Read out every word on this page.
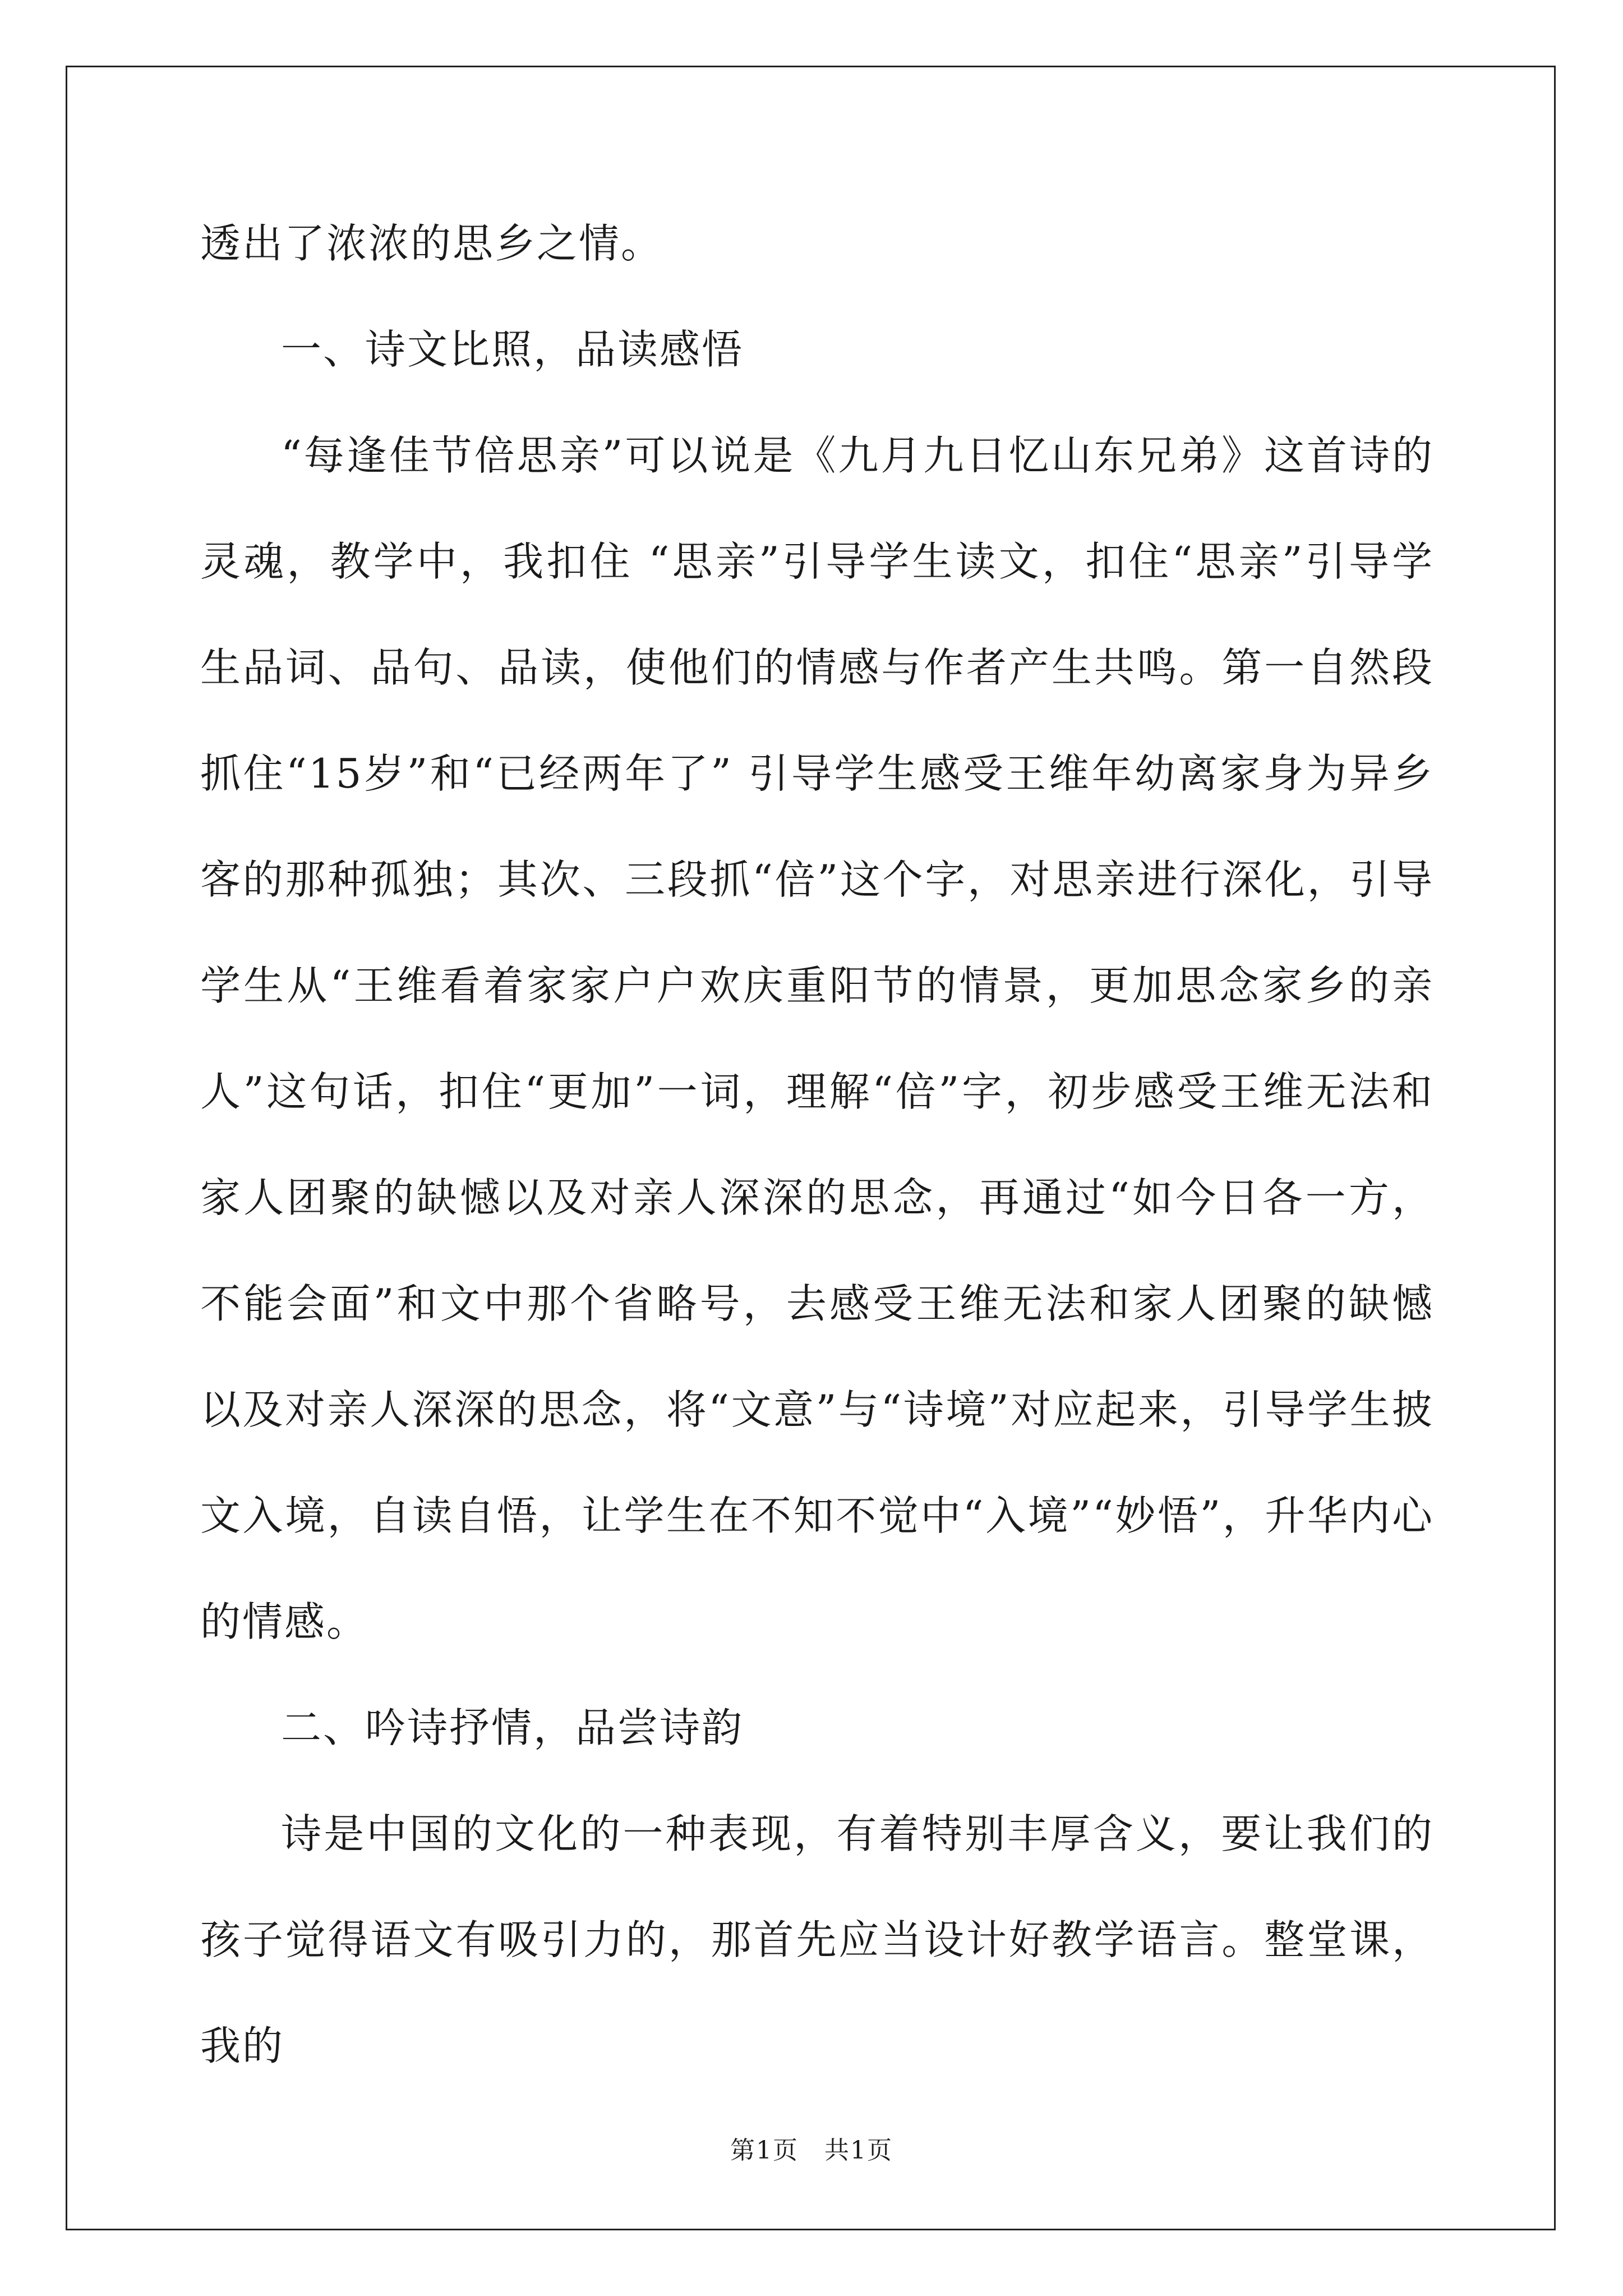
透出了浓浓的思乡之情。

一、诗文比照，品读感悟

“每逢佳节倍思亲”可以说是《九月九日忆山东兄弟》这首诗的灵魂，教学中，我扣住 “思亲”引导学生读文，扣住“思亲”引导学生品词、品句、品读，使他们的情感与作者产生共鸣。第一自然段抓住“15岁”和“已经两年了” 引导学生感受王维年幼离家身为异乡客的那种孤独；其次、三段抓“倍”这个字，对思亲进行深化，引导学生从“王维看着家家户户欢庆重阳节的情景，更加思念家乡的亲人”这句话，扣住“更加”一词，理解“倍”字，初步感受王维无法和家人团聚的缺憾以及对亲人深深的思念，再通过“如今日各一方，不能会面”和文中那个省略号，去感受王维无法和家人团聚的缺憾以及对亲人深深的思念，将“文意”与“诗境”对应起来，引导学生披文入境，自读自悟，让学生在不知不觉中“入境”“妙悟”，升华内心的情感。

二、吟诗抒情，品尝诗韵

诗是中国的文化的一种表现，有着特别丰厚含义，要让我们的孩子觉得语文有吸引力的，那首先应当设计好教学语言。整堂课，我的

第1页　共1页
